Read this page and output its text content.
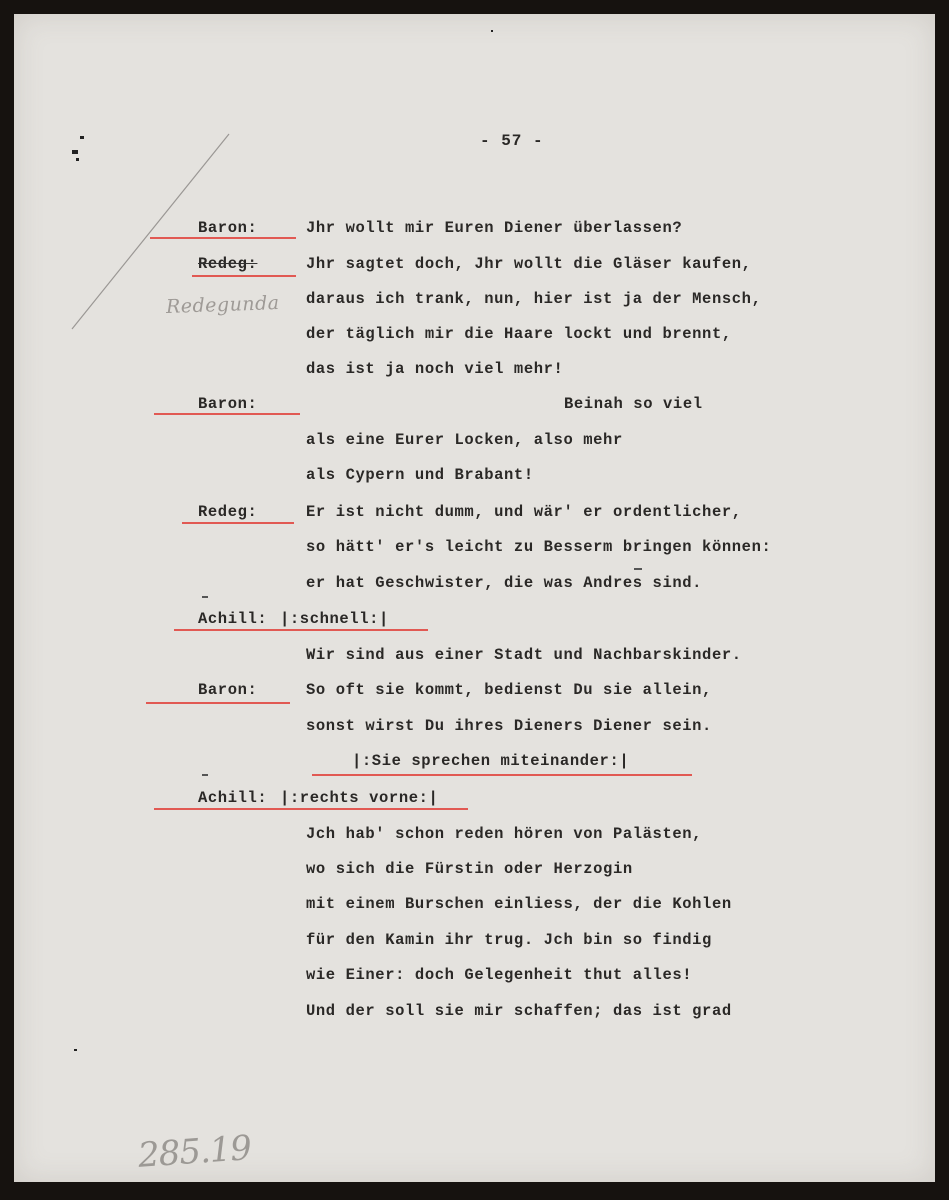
- 57 -
Redegunda
285.19
Baron:
Redeg:
Baron:
Redeg:
Achill:
Baron:
Achill:
Jhr wollt mir Euren Diener überlassen?
Jhr sagtet doch, Jhr wollt die Gläser kaufen,
daraus ich trank, nun, hier ist ja der Mensch,
der täglich mir die Haare lockt und brennt,
das ist ja noch viel mehr!
Beinah so viel
als eine Eurer Locken, also mehr
als Cypern und Brabant!
Er ist nicht dumm, und wär' er ordentlicher,
so hätt' er's leicht zu Besserm bringen können:
er hat Geschwister, die was Andres sind.
|:schnell:|
Wir sind aus einer Stadt und Nachbarskinder.
So oft sie kommt, bedienst Du sie allein,
sonst wirst Du ihres Dieners Diener sein.
|:Sie sprechen miteinander:|
|:rechts vorne:|
Jch hab' schon reden hören von Palästen,
wo sich die Fürstin oder Herzogin
mit einem Burschen einliess, der die Kohlen
für den Kamin ihr trug. Jch bin so findig
wie Einer: doch Gelegenheit thut alles!
Und der soll sie mir schaffen; das ist grad
